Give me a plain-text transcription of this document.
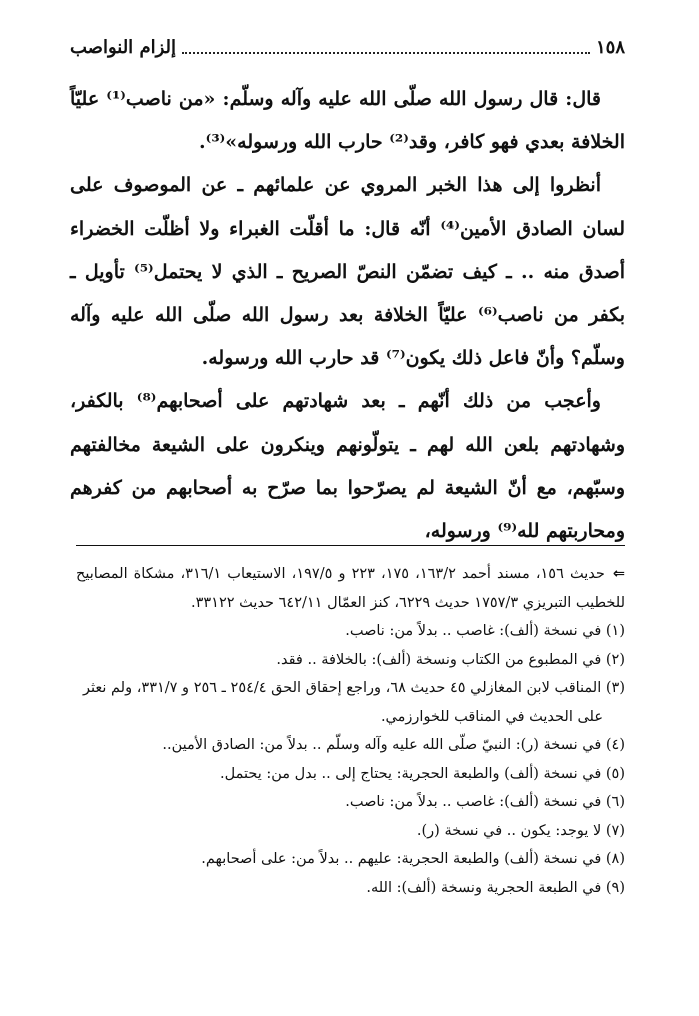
١٥٨
إلزام النواصب

قال: قال رسول الله صلّى الله عليه وآله وسلّم: «من ناصب⁽¹⁾ عليّاً الخلافة بعدي فهو كافر، وقد⁽²⁾ حارب الله ورسوله»⁽³⁾.

أنظروا إلى هذا الخبر المروي عن علمائهم ـ عن الموصوف على لسان الصادق الأمين⁽⁴⁾ أنّه قال: ما أقلّت الغبراء ولا أظلّت الخضراء أصدق منه .. ـ كيف تضمّن النصّ الصريح ـ الذي لا يحتمل⁽⁵⁾ تأويل ـ بكفر من ناصب⁽⁶⁾ عليّاً الخلافة بعد رسول الله صلّى الله عليه وآله وسلّم؟ وأنّ فاعل ذلك يكون⁽⁷⁾ قد حارب الله ورسوله.

وأعجب من ذلك أنّهم ـ بعد شهادتهم على أصحابهم⁽⁸⁾ بالكفر، وشهادتهم بلعن الله لهم ـ يتولّونهم وينكرون على الشيعة مخالفتهم وسبّهم، مع أنّ الشيعة لم يصرّحوا بما صرّح به أصحابهم من كفرهم ومحاربتهم لله⁽⁹⁾ ورسوله،

⇐حديث ١٥٦، مسند أحمد ١٦٣/٢، ١٧٥، ٢٢٣ و ١٩٧/٥، الاستيعاب ٣١٦/١، مشكاة المصابيح للخطيب التبريزي ١٧٥٧/٣ حديث ٦٢٢٩، كنز العمّال ٦٤٢/١١ حديث ٣٣١٢٢.

(١) في نسخة (ألف): غاصب .. بدلاً من: ناصب.

(٢) في المطبوع من الكتاب ونسخة (ألف): بالخلافة .. فقد.

(٣) المناقب لابن المغازلي ٤٥ حديث ٦٨، وراجع إحقاق الحق ٢٥٤/٤ ـ ٢٥٦ و ٣٣١/٧، ولم نعثر على الحديث في المناقب للخوارزمي.

(٤) في نسخة (ر): النبيّ صلّى الله عليه وآله وسلّم .. بدلاً من: الصادق الأمين..

(٥) في نسخة (ألف) والطبعة الحجرية: يحتاج إلى .. بدل من: يحتمل.

(٦) في نسخة (ألف): غاصب .. بدلاً من: ناصب.

(٧) لا يوجد: يكون .. في نسخة (ر).

(٨) في نسخة (ألف) والطبعة الحجرية: عليهم .. بدلاً من: على أصحابهم.

(٩) في الطبعة الحجرية ونسخة (ألف): الله.
